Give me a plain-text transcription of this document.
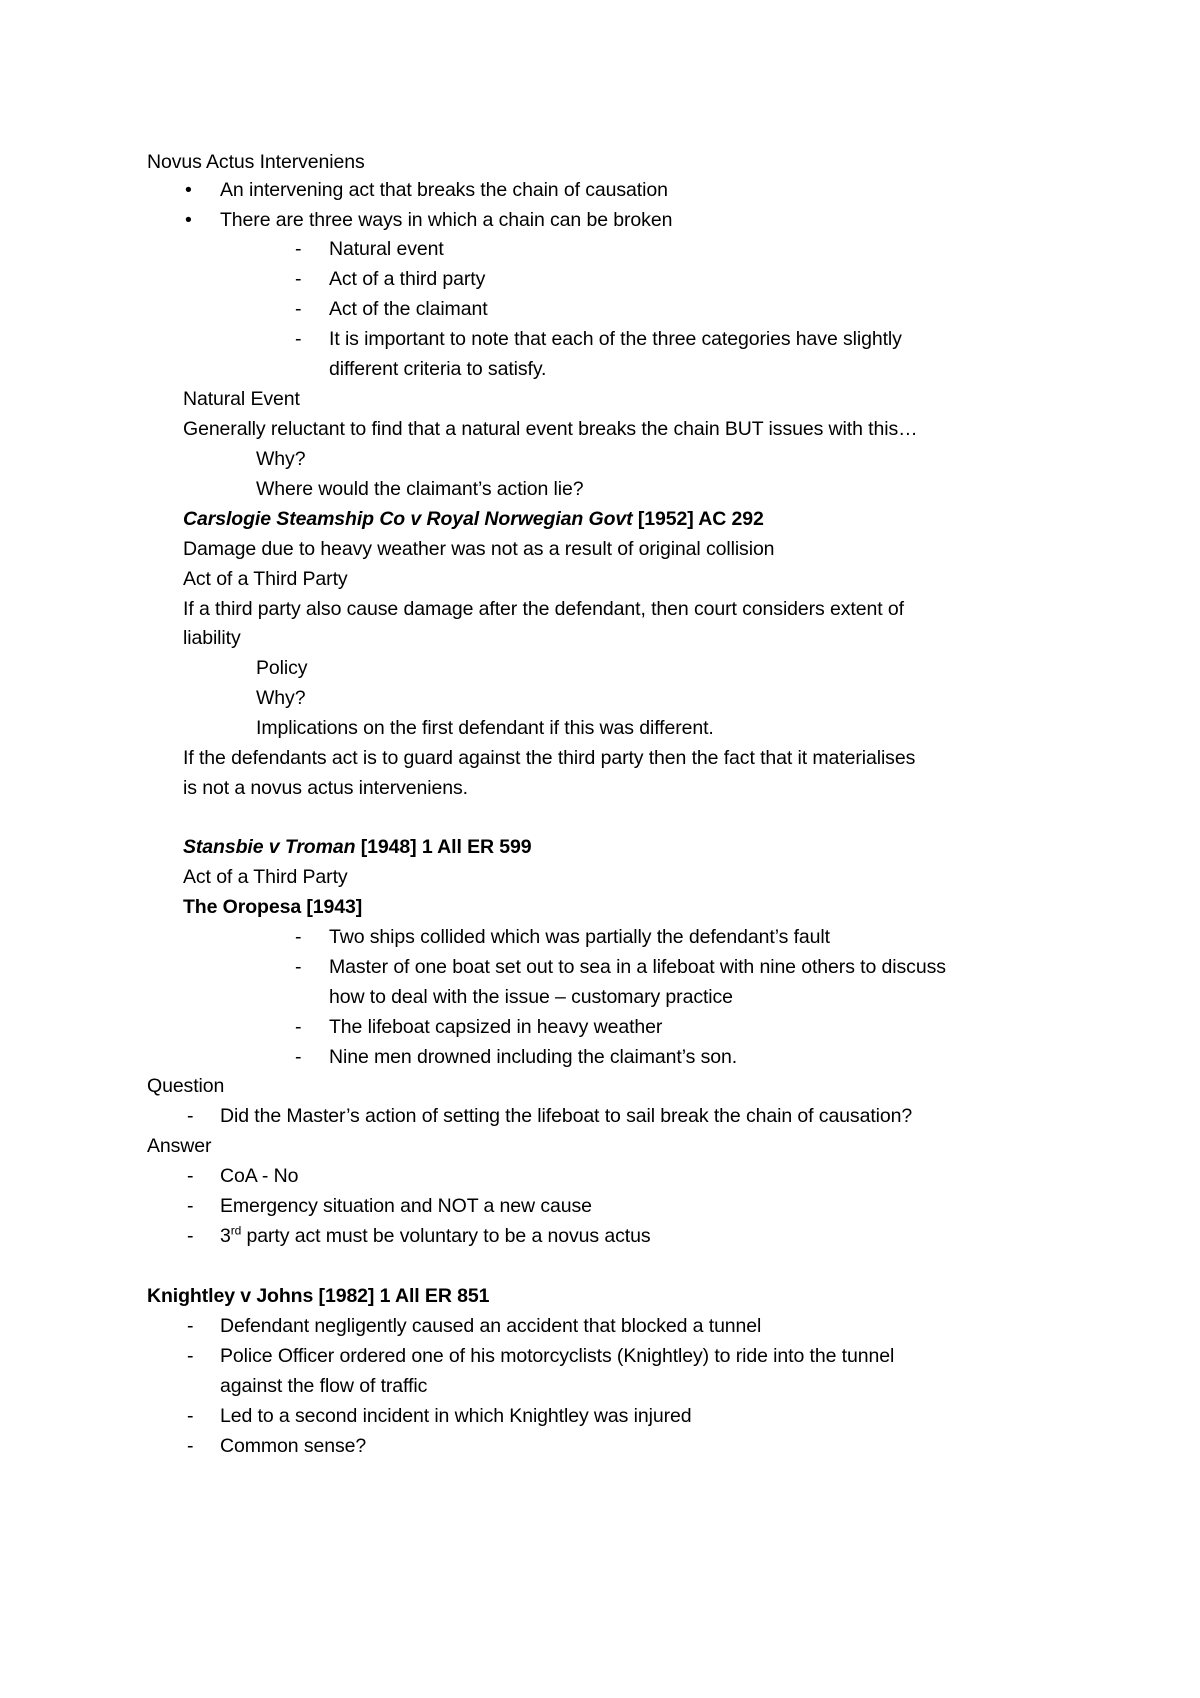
Novus Actus Interveniens
• An intervening act that breaks the chain of causation
• There are three ways in which a chain can be broken
- Natural event
- Act of a third party
- Act of the claimant
- It is important to note that each of the three categories have slightly
different criteria to satisfy.
Natural Event
Generally reluctant to find that a natural event breaks the chain BUT issues with this…
Why?
Where would the claimant’s action lie?
Carslogie Steamship Co v Royal Norwegian Govt [1952] AC 292
Damage due to heavy weather was not as a result of original collision
Act of a Third Party
If a third party also cause damage after the defendant, then court considers extent of
liability
Policy
Why?
Implications on the first defendant if this was different.
If the defendants act is to guard against the third party then the fact that it materialises
is not a novus actus interveniens.
Stansbie v Troman [1948] 1 All ER 599
Act of a Third Party
The Oropesa [1943]
- Two ships collided which was partially the defendant’s fault
- Master of one boat set out to sea in a lifeboat with nine others to discuss
how to deal with the issue – customary practice
- The lifeboat capsized in heavy weather
- Nine men drowned including the claimant’s son.
Question
- Did the Master’s action of setting the lifeboat to sail break the chain of causation?
Answer
- CoA - No
- Emergency situation and NOT a new cause
- 3rd party act must be voluntary to be a novus actus
Knightley v Johns [1982] 1 All ER 851
- Defendant negligently caused an accident that blocked a tunnel
- Police Officer ordered one of his motorcyclists (Knightley) to ride into the tunnel
against the flow of traffic
- Led to a second incident in which Knightley was injured
- Common sense?
